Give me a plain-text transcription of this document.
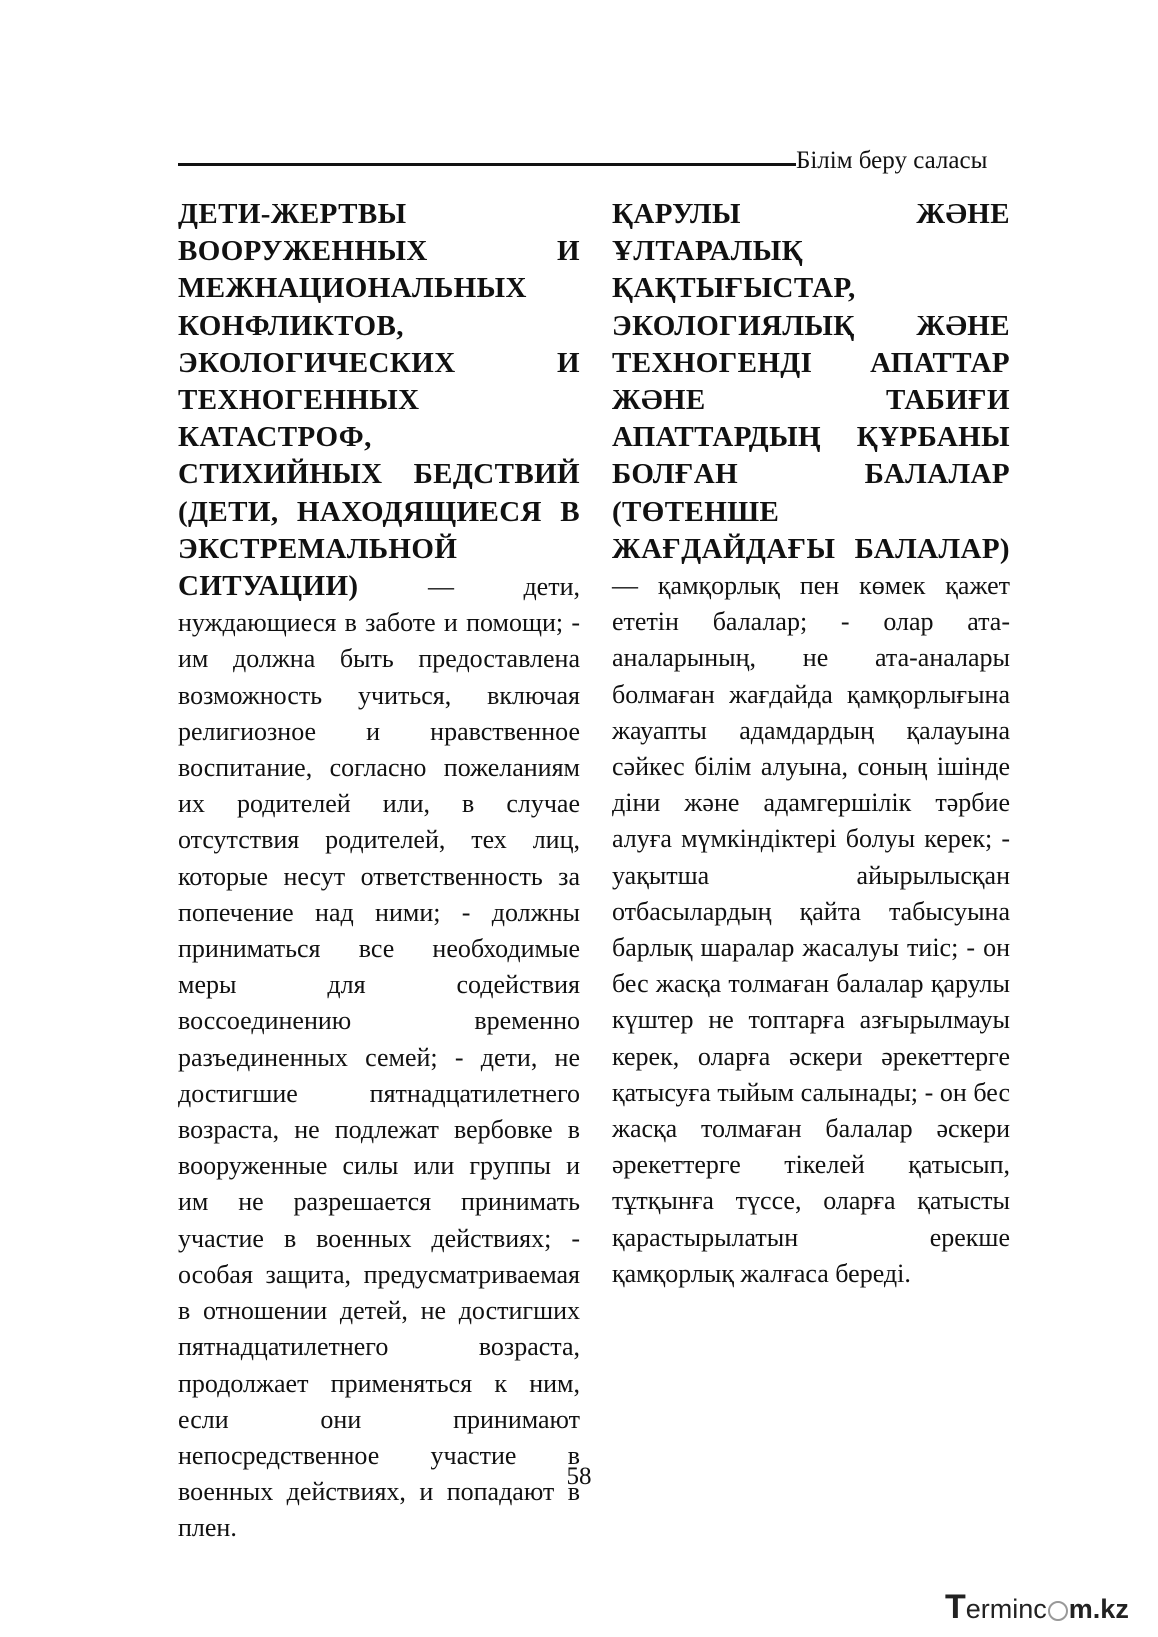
Білім беру саласы
ДЕТИ-ЖЕРТВЫ ВООРУЖЕННЫХ И МЕЖНАЦИОНАЛЬНЫХ КОНФЛИКТОВ, ЭКОЛОГИЧЕСКИХ И ТЕХНОГЕННЫХ КАТАСТРОФ, СТИХИЙНЫХ БЕДСТВИЙ (ДЕТИ, НАХОДЯЩИЕСЯ В ЭКСТРЕМАЛЬНОЙ СИТУАЦИИ) — дети, нуждающиеся в заботе и помощи; - им должна быть предоставлена возможность учиться, включая религиозное и нравственное воспитание, согласно пожеланиям их родителей или, в случае отсутствия родителей, тех лиц, которые несут ответственность за попечение над ними; - должны приниматься все необходимые меры для содействия воссоединению временно разъединенных семей; - дети, не достигшие пятнадцатилетнего возраста, не подлежат вербовке в вооруженные силы или группы и им не разрешается принимать участие в военных действиях; - особая защита, предусматриваемая в отношении детей, не достигших пятнадцатилетнего возраста, продолжает применяться к ним, если они принимают непосредственное участие в военных действиях, и попадают в плен.
ҚАРУЛЫ ЖӘНЕ ҰЛТАРАЛЫҚ ҚАҚТЫҒЫСТАР, ЭКОЛОГИЯЛЫҚ ЖӘНЕ ТЕХНОГЕНДІ АПАТТАР ЖӘНЕ ТАБИҒИ АПАТТАРДЫҢ ҚҰРБАНЫ БОЛҒАН БАЛАЛАР (ТӨТЕНШЕ ЖАҒДАЙДАҒЫ БАЛАЛАР) — қамқорлық пен көмек қажет ететін балалар; - олар ата-аналарының, не ата-аналары болмаған жағдайда қамқорлығына жауапты адамдардың қалауына сәйкес білім алуына, соның ішінде діни және адамгершілік тәрбие алуға мүмкіндіктері болуы керек; - уақытша айырылысқан отбасылардың қайта табысуына барлық шаралар жасалуы тиіс; - он бес жасқа толмаған балалар қарулы күштер не топтарға азғырылмауы керек, оларға әскери әрекеттерге қатысуға тыйым салынады; - он бес жасқа толмаған балалар әскери әрекеттерге тікелей қатысып, тұтқынға түссе, оларға қатысты қарастырылатын ерекше қамқорлық жалғаса береді.
58
Terminc m.kz
